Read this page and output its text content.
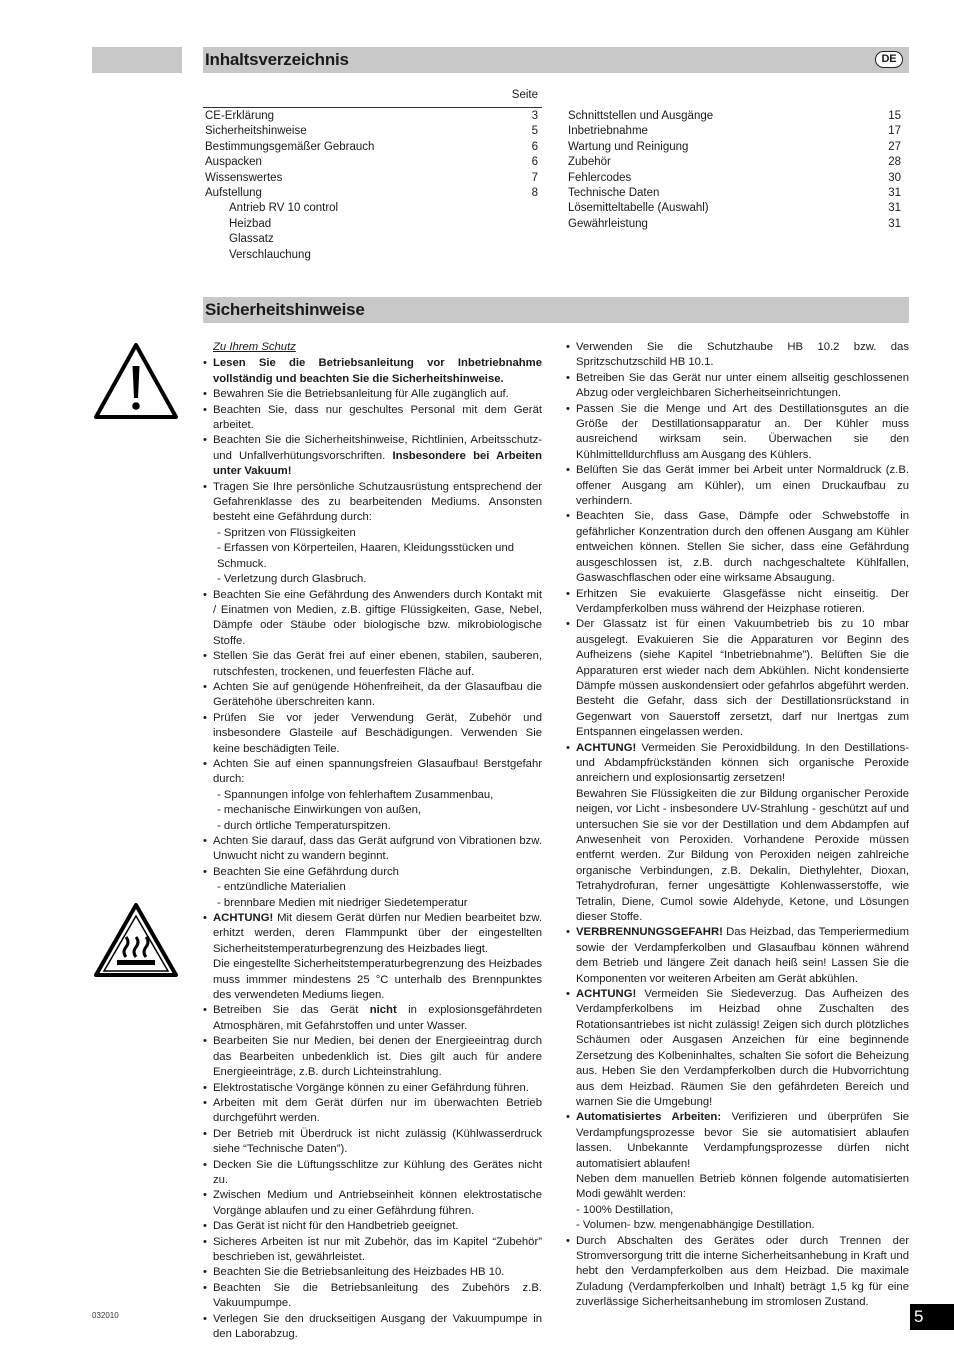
Inhaltsverzeichnis	DE
Seite
CE-Erklärung	3
Sicherheitshinweise	5
Bestimmungsgemäßer Gebrauch	6
Auspacken	6
Wissenswertes	7
Aufstellung	8
Antrieb RV 10 control
Heizbad
Glassatz
Verschlauchung
Schnittstellen und Ausgänge	15
Inbetriebnahme	17
Wartung und Reinigung	27
Zubehör	28
Fehlercodes	30
Technische Daten	31
Lösemitteltabelle (Auswahl)	31
Gewährleistung	31
Sicherheitshinweise
Zu Ihrem Schutz

• Lesen Sie die Betriebsanleitung vor Inbetriebnahme vollständig und beachten Sie die Sicherheitshinweise.

• Bewahren Sie die Betriebsanleitung für Alle zugänglich auf.

• Beachten Sie, dass nur geschultes Personal mit dem Gerät arbeitet.

• Beachten Sie die Sicherheitshinweise, Richtlinien, Arbeitsschutz- und Unfallverhütungsvorschriften. Insbesondere bei Arbeiten unter Vakuum!

• Tragen Sie Ihre persönliche Schutzausrüstung entsprechend der Gefahrenklasse des zu bearbeitenden Mediums. Ansonsten besteht eine Gefährdung durch:

- Spritzen von Flüssigkeiten

- Erfassen von Körperteilen, Haaren, Kleidungsstücken und Schmuck.

- Verletzung durch Glasbruch.

• Beachten Sie eine Gefährdung des Anwenders durch Kontakt mit / Einatmen von Medien, z.B. giftige Flüssigkeiten, Gase, Nebel, Dämpfe oder Stäube oder biologische bzw. mikrobiologische Stoffe.

• Stellen Sie das Gerät frei auf einer ebenen, stabilen, sauberen, rutschfesten, trockenen, und feuerfesten Fläche auf.

• Achten Sie auf genügende Höhenfreiheit, da der Glasaufbau die Gerätehöhe überschreiten kann.

• Prüfen Sie vor jeder Verwendung Gerät, Zubehör und insbesondere Glasteile auf Beschädigungen. Verwenden Sie keine beschädigten Teile.

• Achten Sie auf einen spannungsfreien Glasaufbau! Berstgefahr durch:

- Spannungen infolge von fehlerhaftem Zusammenbau,

- mechanische Einwirkungen von außen,

- durch örtliche Temperaturspitzen.

• Achten Sie darauf, dass das Gerät aufgrund von Vibrationen bzw. Unwucht nicht zu wandern beginnt.

• Beachten Sie eine Gefährdung durch

- entzündliche Materialien

- brennbare Medien mit niedriger Siedetemperatur

• ACHTUNG! Mit diesem Gerät dürfen nur Medien bearbeitet bzw. erhitzt werden, deren Flammpunkt über der eingestellten Sicherheitstemperaturbegrenzung des Heizbades liegt.

Die eingestellte Sicherheitstemperaturbegrenzung des Heizbades muss immmer mindestens 25 °C unterhalb des Brennpunktes des verwendeten Mediums liegen.

• Betreiben Sie das Gerät nicht in explosionsgefährdeten Atmosphären, mit Gefahrstoffen und unter Wasser.

• Bearbeiten Sie nur Medien, bei denen der Energieeintrag durch das Bearbeiten unbedenklich ist. Dies gilt auch für andere Energieeinträge, z.B. durch Lichteinstrahlung.

• Elektrostatische Vorgänge können zu einer Gefährdung führen.

• Arbeiten mit dem Gerät dürfen nur im überwachten Betrieb durchgeführt werden.

• Der Betrieb mit Überdruck ist nicht zulässig (Kühlwasserdruck siehe “Technische Daten”).

• Decken Sie die Lüftungsschlitze zur Kühlung des Gerätes nicht zu.

• Zwischen Medium und Antriebseinheit können elektrostatische Vorgänge ablaufen und zu einer Gefährdung führen.

• Das Gerät ist nicht für den Handbetrieb geeignet.

• Sicheres Arbeiten ist nur mit Zubehör, das im Kapitel “Zubehör” beschrieben ist, gewährleistet.

• Beachten Sie die Betriebsanleitung des Heizbades HB 10.

• Beachten Sie die Betriebsanleitung des Zubehörs z.B. Vakuumpumpe.

• Verlegen Sie den druckseitigen Ausgang der Vakuumpumpe in den Laborabzug.

• Verwenden Sie die Schutzhaube HB 10.2 bzw. das Spritzschutzschild HB 10.1.

• Betreiben Sie das Gerät nur unter einem allseitig geschlossenen Abzug oder vergleichbaren Sicherheitseinrichtungen.

• Passen Sie die Menge und Art des Destillationsgutes an die Größe der Destillationsapparatur an. Der Kühler muss ausreichend wirksam sein. Überwachen sie den Kühlmittelldurchfluss am Ausgang des Kühlers.

• Belüften Sie das Gerät immer bei Arbeit unter Normaldruck (z.B. offener Ausgang am Kühler), um einen Druckaufbau zu verhindern.

• Beachten Sie, dass Gase, Dämpfe oder Schwebstoffe in gefährlicher Konzentration durch den offenen Ausgang am Kühler entweichen können. Stellen Sie sicher, dass eine Gefährdung ausgeschlossen ist, z.B. durch nachgeschaltete Kühlfallen, Gaswaschflaschen oder eine wirksame Absaugung.

• Erhitzen Sie evakuierte Glasgefässe nicht einseitig. Der Verdampferkolben muss während der Heizphase rotieren.

• Der Glassatz ist für einen Vakuumbetrieb bis zu 10 mbar ausgelegt. Evakuieren Sie die Apparaturen vor Beginn des Aufheizens (siehe Kapitel “Inbetriebnahme”). Belüften Sie die Apparaturen erst wieder nach dem Abkühlen. Nicht kondensierte Dämpfe müssen auskondensiert oder gefahrlos abgeführt werden. Besteht die Gefahr, dass sich der Destillationsrückstand in Gegenwart von Sauerstoff zersetzt, darf nur Inertgas zum Entspannen eingelassen werden.

• ACHTUNG! Vermeiden Sie Peroxidbildung. In den Destillations- und Abdampfrückständen können sich organische Peroxide anreichern und explosionsartig zersetzen!

Bewahren Sie Flüssigkeiten die zur Bildung organischer Peroxide neigen, vor Licht - insbesondere UV-Strahlung - geschützt auf und untersuchen Sie sie vor der Destillation und dem Abdampfen auf Anwesenheit von Peroxiden. Vorhandene Peroxide müssen entfernt werden. Zur Bildung von Peroxiden neigen zahlreiche organische Verbindungen, z.B. Dekalin, Diethylehter, Dioxan, Tetrahydrofuran, ferner ungesättigte Kohlenwasserstoffe, wie Tetralin, Diene, Cumol sowie Aldehyde, Ketone, und Lösungen dieser Stoffe.

• VERBRENNUNGSGEFAHR! Das Heizbad, das Temperiermedium sowie der Verdampferkolben und Glasaufbau können während dem Betrieb und längere Zeit danach heiß sein! Lassen Sie die Komponenten vor weiteren Arbeiten am Gerät abkühlen.

• ACHTUNG! Vermeiden Sie Siedeverzug. Das Aufheizen des Verdampferkolbens im Heizbad ohne Zuschalten des Rotationsantriebes ist nicht zulässig! Zeigen sich durch plötzliches Schäumen oder Ausgasen Anzeichen für eine beginnende Zersetzung des Kolbeninhaltes, schalten Sie sofort die Beheizung aus. Heben Sie den Verdampferkolben durch die Hubvorrichtung aus dem Heizbad. Räumen Sie den gefährdeten Bereich und warnen Sie die Umgebung!

• Automatisiertes Arbeiten: Verifizieren und überprüfen Sie Verdampfungsprozesse bevor Sie sie automatisiert ablaufen lassen. Unbekannte Verdampfungsprozesse dürfen nicht automatisiert ablaufen!

Neben dem manuellen Betrieb können folgende automatisierten Modi gewählt werden:

- 100% Destillation,

- Volumen- bzw. mengenabhängige Destillation.

• Durch Abschalten des Gerätes oder durch Trennen der Stromversorgung tritt die interne Sicherheitsanhebung in Kraft und hebt den Verdampferkolben aus dem Heizbad. Die maximale Zuladung (Verdampferkolben und Inhalt) beträgt 1,5 kg für eine zuverlässige Sicherheitsanhebung im stromlosen Zustand.

032010	5
